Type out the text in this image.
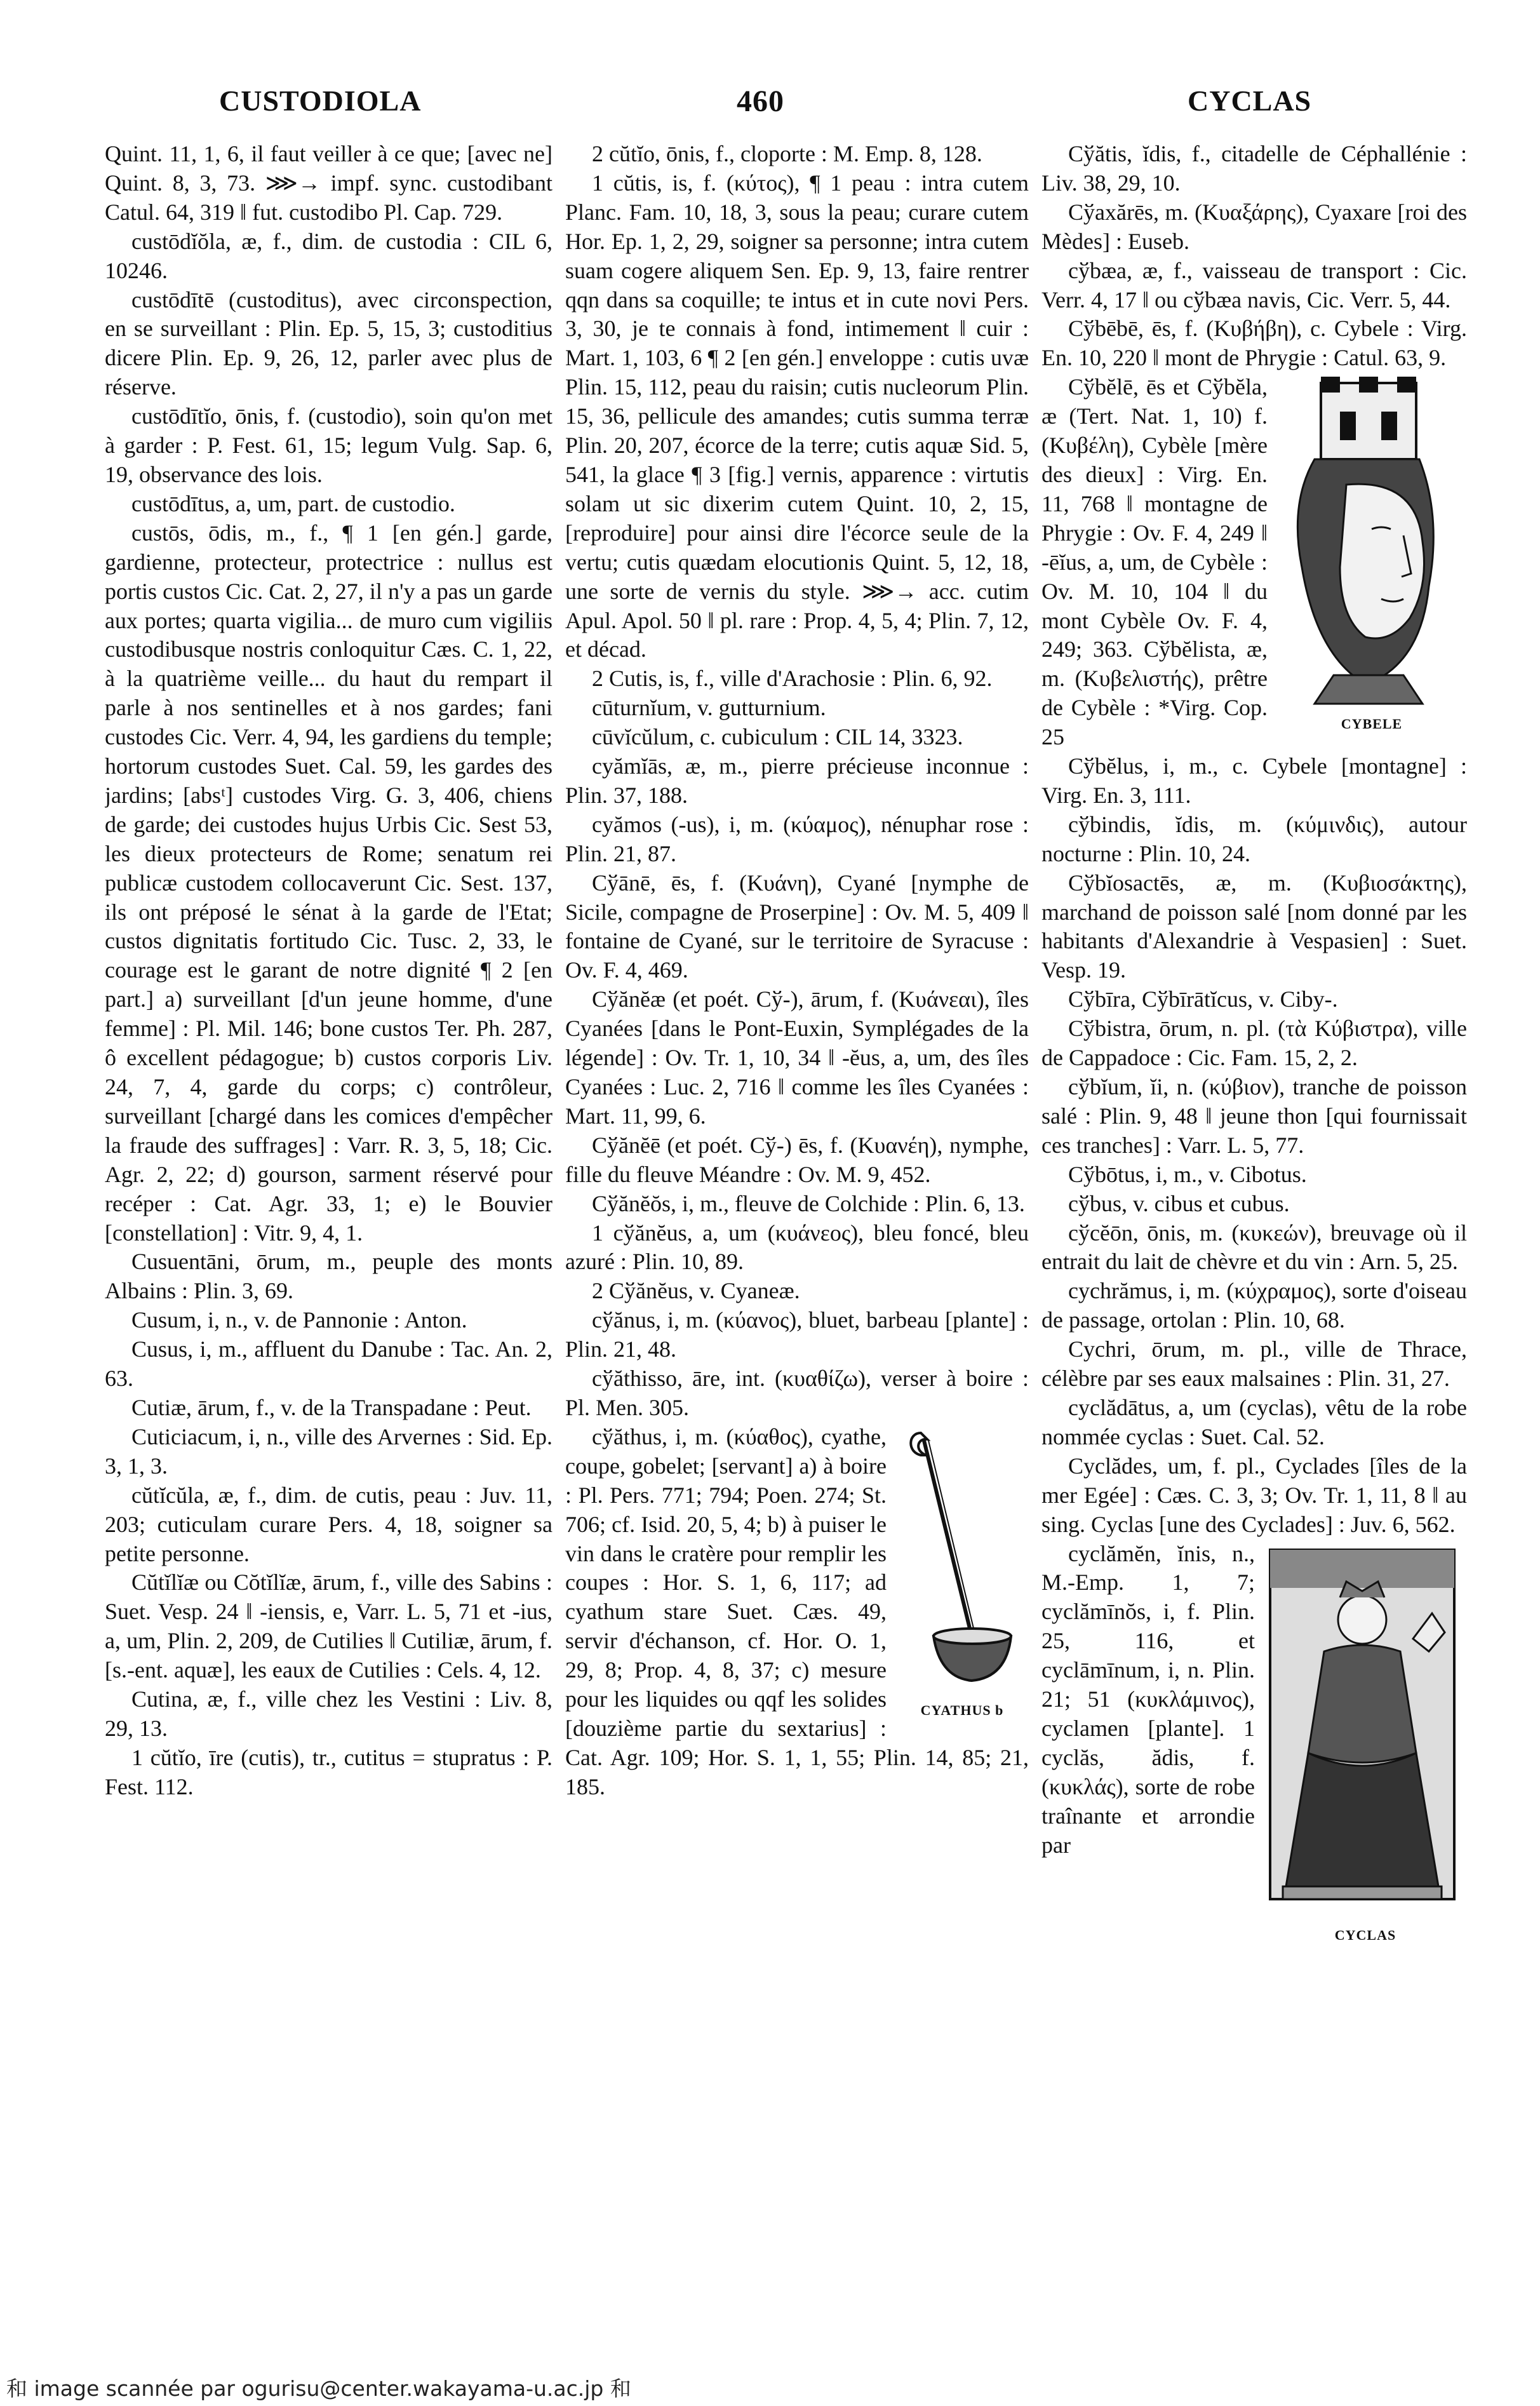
CUSTODIOLA	460	CYCLAS

Quint. 11, 1, 6, il faut veiller à ce que; [avec ne] Quint. 8, 3, 73. ⋙→ impf. sync. custodibant Catul. 64, 319 ‖ fut. custodibo Pl. Cap. 729.

custōdĭŏla, æ, f., dim. de custodia : CIL 6, 10246.

custōdītē (custoditus), avec circonspection, en se surveillant : Plin. Ep. 5, 15, 3; custoditius dicere Plin. Ep. 9, 26, 12, parler avec plus de réserve.

custōdītĭo, ōnis, f. (custodio), soin qu'on met à garder : P. Fest. 61, 15; legum Vulg. Sap. 6, 19, observance des lois.

custōdītus, a, um, part. de custodio.

custōs, ōdis, m., f., ¶ 1 [en gén.] garde, gardienne, protecteur, protectrice : nullus est portis custos Cic. Cat. 2, 27, il n'y a pas un garde aux portes; quarta vigilia... de muro cum vigiliis custodibusque nostris conloquitur Cæs. C. 1, 22, à la quatrième veille... du haut du rempart il parle à nos sentinelles et à nos gardes; fani custodes Cic. Verr. 4, 94, les gardiens du temple; hortorum custodes Suet. Cal. 59, les gardes des jardins; [absᵗ] custodes Virg. G. 3, 406, chiens de garde; dei custodes hujus Urbis Cic. Sest 53, les dieux protecteurs de Rome; senatum rei publicæ custodem collocaverunt Cic. Sest. 137, ils ont préposé le sénat à la garde de l'Etat; custos dignitatis fortitudo Cic. Tusc. 2, 33, le courage est le garant de notre dignité ¶ 2 [en part.] a) surveillant [d'un jeune homme, d'une femme] : Pl. Mil. 146; bone custos Ter. Ph. 287, ô excellent pédagogue; b) custos corporis Liv. 24, 7, 4, garde du corps; c) contrôleur, surveillant [chargé dans les comices d'empêcher la fraude des suffrages] : Varr. R. 3, 5, 18; Cic. Agr. 2, 22; d) gourson, sarment réservé pour recéper : Cat. Agr. 33, 1; e) le Bouvier [constellation] : Vitr. 9, 4, 1.

Cusuentāni, ōrum, m., peuple des monts Albains : Plin. 3, 69.

Cusum, i, n., v. de Pannonie : Anton.

Cusus, i, m., affluent du Danube : Tac. An. 2, 63.

Cutiæ, ārum, f., v. de la Transpadane : Peut.

Cuticiacum, i, n., ville des Arvernes : Sid. Ep. 3, 1, 3.

cŭtĭcŭla, æ, f., dim. de cutis, peau : Juv. 11, 203; cuticulam curare Pers. 4, 18, soigner sa petite personne.

Cŭtĭlĭæ ou Cŏtĭlĭæ, ārum, f., ville des Sabins : Suet. Vesp. 24 ‖ -iensis, e, Varr. L. 5, 71 et -ius, a, um, Plin. 2, 209, de Cutilies ‖ Cutiliæ, ārum, f. [s.-ent. aquæ], les eaux de Cutilies : Cels. 4, 12.

Cutina, æ, f., ville chez les Vestini : Liv. 8, 29, 13.

1 cŭtĭo, īre (cutis), tr., cutitus = stupratus : P. Fest. 112.

2 cŭtĭo, ōnis, f., cloporte : M. Emp. 8, 128.

1 cŭtis, is, f. (κύτος), ¶ 1 peau : intra cutem Planc. Fam. 10, 18, 3, sous la peau; curare cutem Hor. Ep. 1, 2, 29, soigner sa personne; intra cutem suam cogere aliquem Sen. Ep. 9, 13, faire rentrer qqn dans sa coquille; te intus et in cute novi Pers. 3, 30, je te connais à fond, intimement ‖ cuir : Mart. 1, 103, 6 ¶ 2 [en gén.] enveloppe : cutis uvæ Plin. 15, 112, peau du raisin; cutis nucleorum Plin. 15, 36, pellicule des amandes; cutis summa terræ Plin. 20, 207, écorce de la terre; cutis aquæ Sid. 5, 541, la glace ¶ 3 [fig.] vernis, apparence : virtutis solam ut sic dixerim cutem Quint. 10, 2, 15, [reproduire] pour ainsi dire l'écorce seule de la vertu; cutis quædam elocutionis Quint. 5, 12, 18, une sorte de vernis du style. ⋙→ acc. cutim Apul. Apol. 50 ‖ pl. rare : Prop. 4, 5, 4; Plin. 7, 12, et décad.

2 Cutis, is, f., ville d'Arachosie : Plin. 6, 92.

cūturnĭum, v. gutturnium.

cūvĭcŭlum, c. cubiculum : CIL 14, 3323.

cyămĭās, æ, m., pierre précieuse inconnue : Plin. 37, 188.

cyămos (-us), i, m. (κύαμος), nénuphar rose : Plin. 21, 87.

Cўānē, ēs, f. (Κυάνη), Cyané [nymphe de Sicile, compagne de Proserpine] : Ov. M. 5, 409 ‖ fontaine de Cyané, sur le territoire de Syracuse : Ov. F. 4, 469.

Cўănĕæ (et poét. Cў-), ārum, f. (Κυάνεαι), îles Cyanées [dans le Pont-Euxin, Symplégades de la légende] : Ov. Tr. 1, 10, 34 ‖ -ĕus, a, um, des îles Cyanées : Luc. 2, 716 ‖ comme les îles Cyanées : Mart. 11, 99, 6.

Cўănĕē (et poét. Cў-) ēs, f. (Κυανέη), nymphe, fille du fleuve Méandre : Ov. M. 9, 452.

Cўănĕŏs, i, m., fleuve de Colchide : Plin. 6, 13.

1 cўănĕus, a, um (κυάνεος), bleu foncé, bleu azuré : Plin. 10, 89.

2 Cўănĕus, v. Cyaneæ.

cўănus, i, m. (κύανος), bluet, barbeau [plante] : Plin. 21, 48.

cўăthisso, āre, int. (κυαθίζω), verser à boire : Pl. Men. 305.

CYATHUS b

cўăthus, i, m. (κύαθος), cyathe, coupe, gobelet; [servant] a) à boire : Pl. Pers. 771; 794; Poen. 274; St. 706; cf. Isid. 20, 5, 4; b) à puiser le vin dans le cratère pour remplir les coupes : Hor. S. 1, 6, 117; ad cyathum stare Suet. Cæs. 49, servir d'échanson, cf. Hor. O. 1, 29, 8; Prop. 4, 8, 37; c) mesure pour les liquides ou qqf les solides [douzième partie du sextarius] : Cat. Agr. 109; Hor. S. 1, 1, 55; Plin. 14, 85; 21, 185.

Cўătis, ĭdis, f., citadelle de Céphallénie : Liv. 38, 29, 10.

Cўaxărēs, m. (Κυαξάρης), Cyaxare [roi des Mèdes] : Euseb.

cўbæa, æ, f., vaisseau de transport : Cic. Verr. 4, 17 ‖ ou cўbæa navis, Cic. Verr. 5, 44.

Cўbēbē, ēs, f. (Κυβήβη), c. Cybele : Virg. En. 10, 220 ‖ mont de Phrygie : Catul. 63, 9.

CYBELE

Cўbĕlē, ēs et Cўbĕla, æ (Tert. Nat. 1, 10) f. (Κυβέλη), Cybèle [mère des dieux] : Virg. En. 11, 768 ‖ montagne de Phrygie : Ov. F. 4, 249 ‖ -ēĭus, a, um, de Cybèle : Ov. M. 10, 104 ‖ du mont Cybèle Ov. F. 4, 249; 363. Cўbĕlista, æ, m. (Κυβελιστής), prêtre de Cybèle : *Virg. Cop. 25

Cўbĕlus, i, m., c. Cybele [montagne] : Virg. En. 3, 111.

cўbindis, ĭdis, m. (κύμινδις), autour nocturne : Plin. 10, 24.

Cўbĭosactēs, æ, m. (Κυβιοσάκτης), marchand de poisson salé [nom donné par les habitants d'Alexandrie à Vespasien] : Suet. Vesp. 19.

Cўbīra, Cўbīrātĭcus, v. Ciby-.

Cўbistra, ōrum, n. pl. (τὰ Κύβιστρα), ville de Cappadoce : Cic. Fam. 15, 2, 2.

cўbĭum, ĭi, n. (κύβιον), tranche de poisson salé : Plin. 9, 48 ‖ jeune thon [qui fournissait ces tranches] : Varr. L. 5, 77.

Cўbōtus, i, m., v. Cibotus.

cўbus, v. cibus et cubus.

cўcĕōn, ōnis, m. (κυκεών), breuvage où il entrait du lait de chèvre et du vin : Arn. 5, 25.

cychrămus, i, m. (κύχραμος), sorte d'oiseau de passage, ortolan : Plin. 10, 68.

Cychri, ōrum, m. pl., ville de Thrace, célèbre par ses eaux malsaines : Plin. 31, 27.

cyclădātus, a, um (cyclas), vêtu de la robe nommée cyclas : Suet. Cal. 52.

Cyclădes, um, f. pl., Cyclades [îles de la mer Egée] : Cæs. C. 3, 3; Ov. Tr. 1, 11, 8 ‖ au sing. Cyclas [une des Cyclades] : Juv. 6, 562.

CYCLAS

cyclămĕn, ĭnis, n., M.-Emp. 1, 7; cyclămīnŏs, i, f. Plin. 25, 116, et cyclāmīnum, i, n. Plin. 21; 51 (κυκλάμινος), cyclamen [plante]. 1 cyclăs, ădis, f. (κυκλάς), sorte de robe traînante et arrondie par

和 image scannée par ogurisu@center.wakayama-u.ac.jp 和
